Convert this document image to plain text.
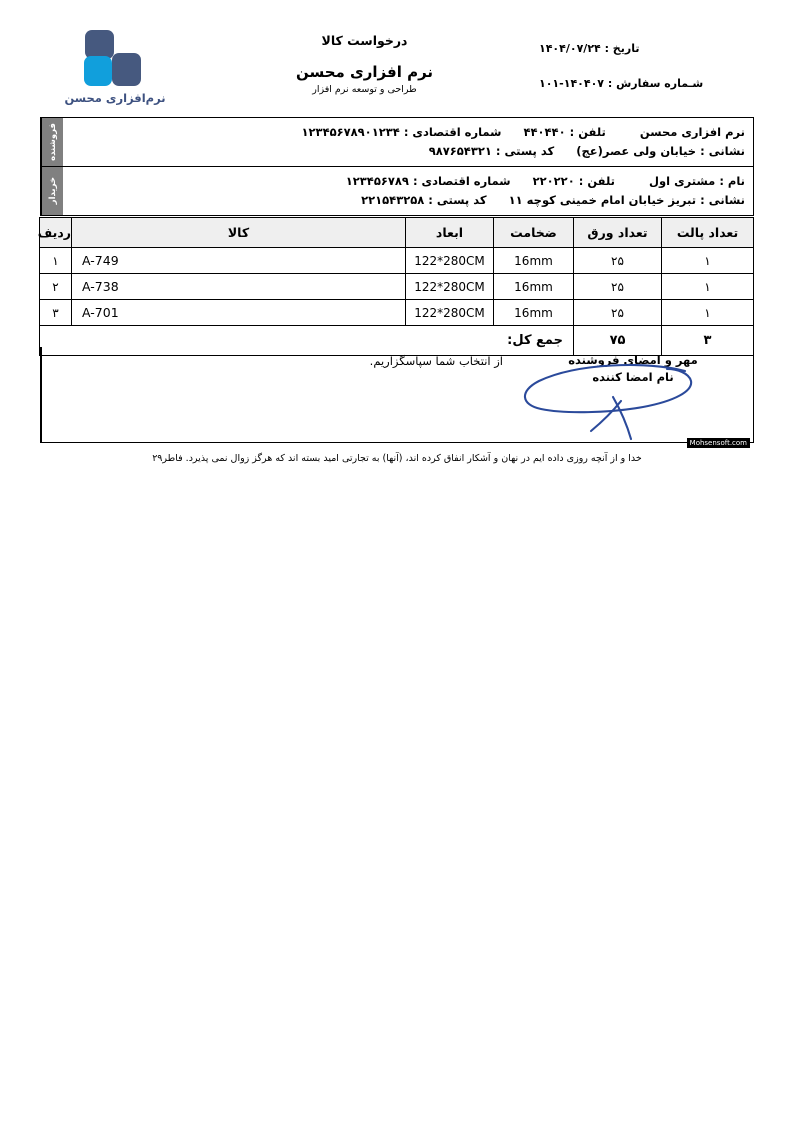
تاریخ : ۱۴۰۴/۰۷/۲۴
شـماره سفارش : ۱۴۰۴۰۷-۱۰۱
درخواست کالا
نرم افزاری محسن
طراحی و توسعه نرم افزار
نرم‌افزاری محسن
نرم افزاری محسن  تلفن : ۴۴۰۴۴۰  شماره اقتصادی : ۱۲۳۴۵۶۷۸۹۰۱۲۳۴
نشانی : خیابان ولی عصر(عج)  کد پستی : ۹۸۷۶۵۴۳۲۱
فروشنده
نام : مشتری اول  تلفن : ۲۲۰۲۲۰  شماره اقتصادی : ۱۲۳۴۵۶۷۸۹
نشانی : تبریز خیابان امام خمینی کوچه ۱۱  کد پستی : ۲۲۱۵۴۳۲۵۸
خریدار
تعداد پالت	تعداد ورق	ضخامت	ابعاد	کالا	ردیف
۱	۲۵	16mm	122*280CM	A-749	۱
۱	۲۵	16mm	122*280CM	A-738	۲
۱	۲۵	16mm	122*280CM	A-701	۳
۳	۷۵	جمع کل:			
مهر و امضای فروشنده
نام امضا کننده
از انتخاب شما سپاسگزاریم.
Mohsensoft.com
خدا و از آنچه روزی داده ایم در نهان و آشکار انفاق کرده اند، (آنها) به تجارتی امید بسته اند که هرگز زوال نمی پذیرد. فاطر۲۹
